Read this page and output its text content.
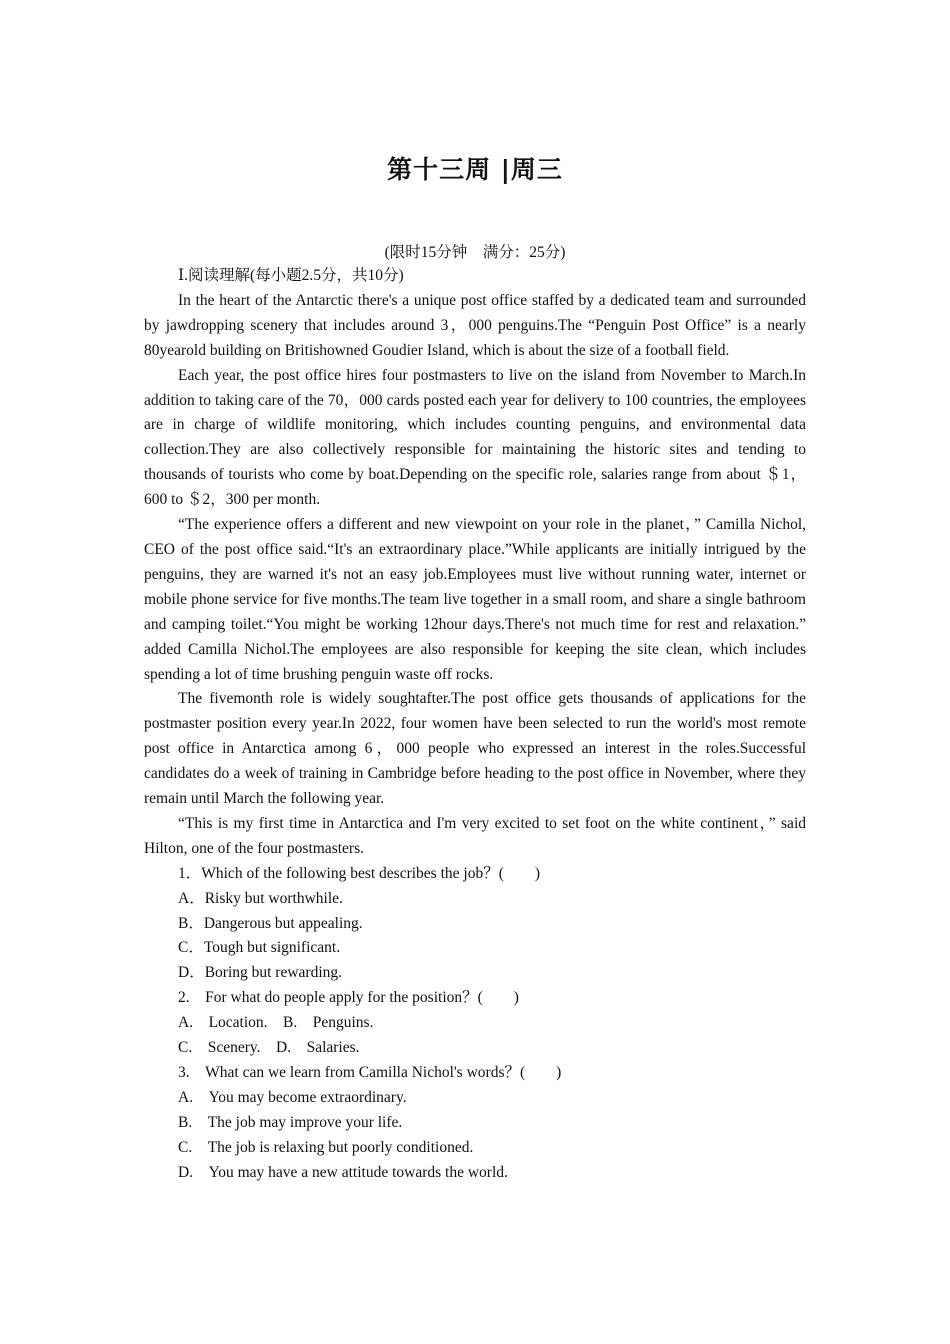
第十三周 |周三
(限时15分钟　满分：25分)

Ⅰ.阅读理解(每小题2.5分，共10分)

In the heart of the Antarctic there's a unique post office staffed by a dedicated team and surrounded by jawdropping scenery that includes around 3，000 penguins.The “Penguin Post Office” is a nearly 80yearold building on Britishowned Goudier Island, which is about the size of a football field.

Each year, the post office hires four postmasters to live on the island from November to March.In addition to taking care of the 70，000 cards posted each year for delivery to 100 countries, the employees are in charge of wildlife monitoring, which includes counting penguins, and environmental data collection.They are also collectively responsible for maintaining the historic sites and tending to thousands of tourists who come by boat.Depending on the specific role, salaries range from about ＄1，600 to ＄2，300 per month.

“The experience offers a different and new viewpoint on your role in the planet，” Camilla Nichol, CEO of the post office said.“It's an extraordinary place.”While applicants are initially intrigued by the penguins, they are warned it's not an easy job.Employees must live without running water, internet or mobile phone service for five months.The team live together in a small room, and share a single bathroom and camping toilet.“You might be working 12hour days.There's not much time for rest and relaxation.” added Camilla Nichol.The employees are also responsible for keeping the site clean, which includes spending a lot of time brushing penguin waste off rocks.

The fivemonth role is widely soughtafter.The post office gets thousands of applications for the postmaster position every year.In 2022, four women have been selected to run the world's most remote post office in Antarctica among 6，000 people who expressed an interest in the roles.Successful candidates do a week of training in Cambridge before heading to the post office in November, where they remain until March the following year.

“This is my first time in Antarctica and I'm very excited to set foot on the white continent，” said Hilton, one of the four postmasters.

1．Which of the following best describes the job？(　　)

A．Risky but worthwhile.

B．Dangerous but appealing.

C．Tough but significant.

D．Boring but rewarding.

2.　For what do people apply for the position？(　　)

A.　Location.　B.　Penguins.

C.　Scenery.　D.　Salaries.

3.　What can we learn from Camilla Nichol's words？(　　)

A.　You may become extraordinary.

B.　The job may improve your life.

C.　The job is relaxing but poorly conditioned.

D.　You may have a new attitude towards the world.
